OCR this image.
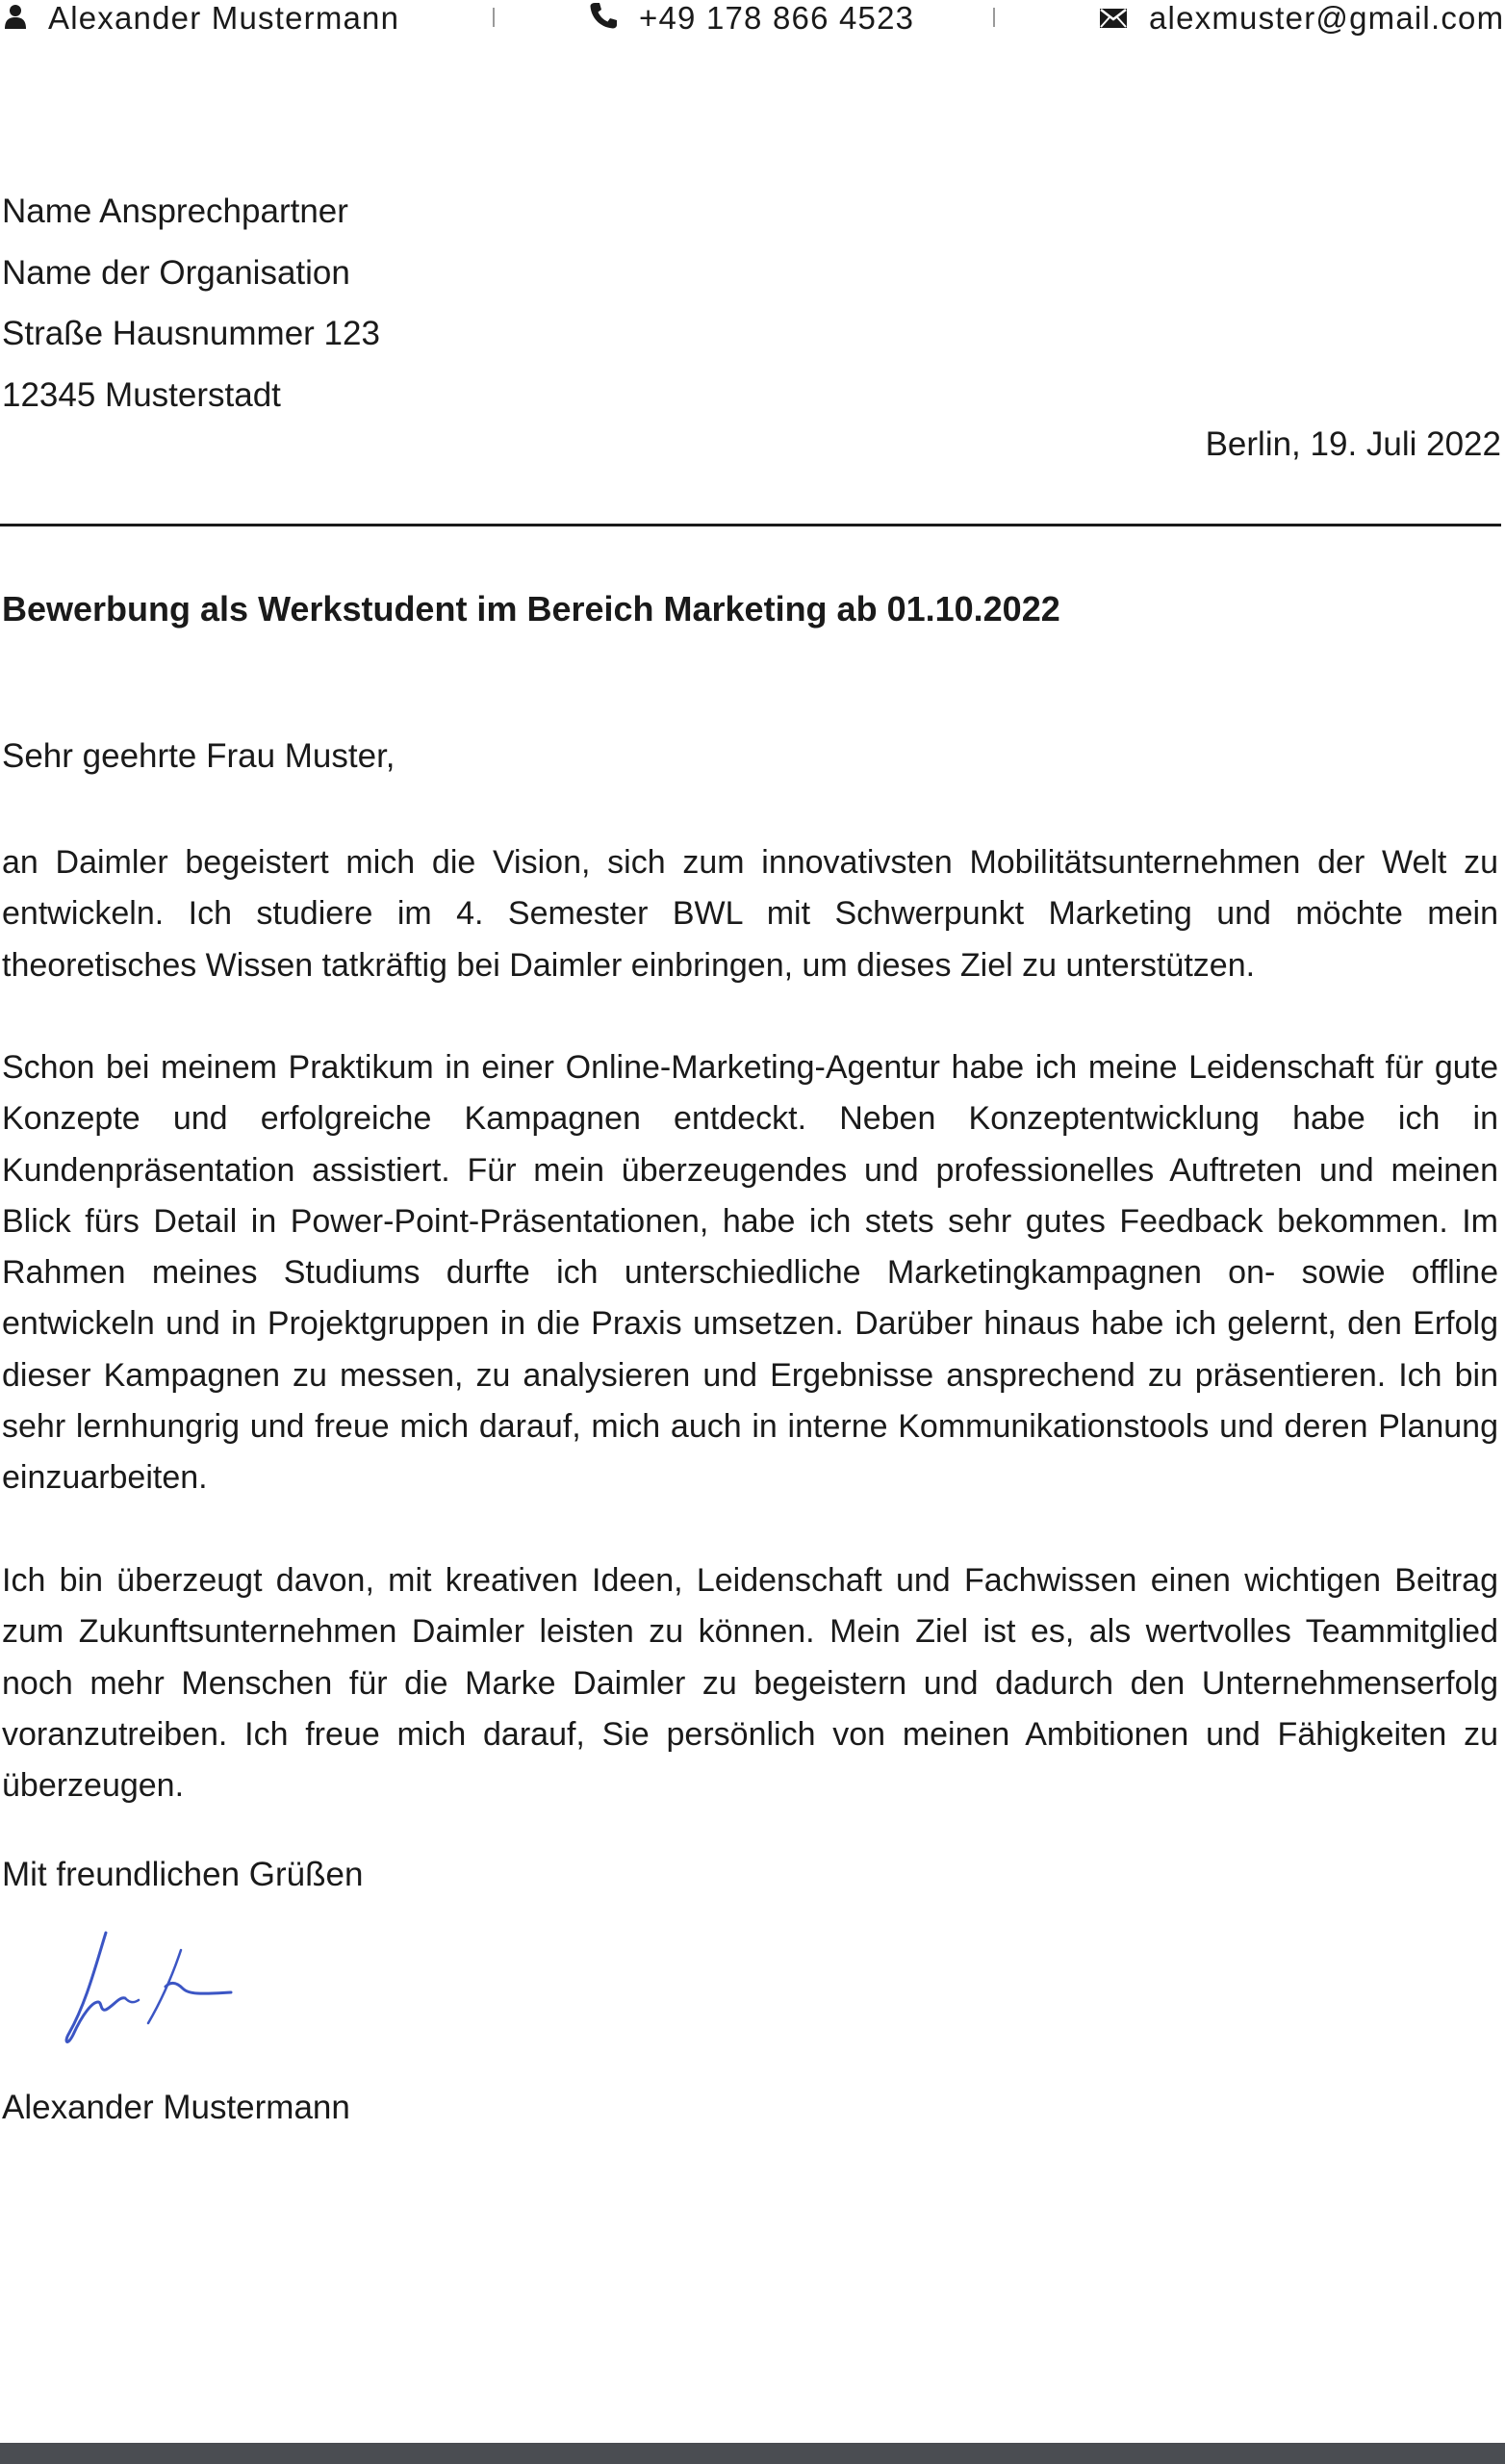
Alexander Mustermann	+49 178 866 4523	alexmuster@gmail.com
Name Ansprechpartner
Name der Organisation
Straße Hausnummer 123
12345 Musterstadt
Berlin, 19. Juli 2022
Bewerbung als Werkstudent im Bereich Marketing ab 01.10.2022
Sehr geehrte Frau Muster,
an Daimler begeistert mich die Vision, sich zum innovativsten Mobilitätsunternehmen der Welt zu entwickeln. Ich studiere im 4. Semester BWL mit Schwerpunkt Marketing und möchte mein theoretisches Wissen tatkräftig bei Daimler einbringen, um dieses Ziel zu unterstützen.
Schon bei meinem Praktikum in einer Online-Marketing-Agentur habe ich meine Leidenschaft für gute Konzepte und erfolgreiche Kampagnen entdeckt. Neben Konzeptentwicklung habe ich in Kundenpräsentation assistiert. Für mein überzeugendes und professionelles Auftreten und meinen Blick fürs Detail in Power-Point-Präsentationen, habe ich stets sehr gutes Feedback bekommen. Im Rahmen meines Studiums durfte ich unterschiedliche Marketingkampagnen on- sowie offline entwickeln und in Projektgruppen in die Praxis umsetzen. Darüber hinaus habe ich gelernt, den Erfolg dieser Kampagnen zu messen, zu analysieren und Ergebnisse ansprechend zu präsentieren. Ich bin sehr lernhungrig und freue mich darauf, mich auch in interne Kommunikationstools und deren Planung einzuarbeiten.
Ich bin überzeugt davon, mit kreativen Ideen, Leidenschaft und Fachwissen einen wichtigen Beitrag zum Zukunftsunternehmen Daimler leisten zu können. Mein Ziel ist es, als wertvolles Teammitglied noch mehr Menschen für die Marke Daimler zu begeistern und dadurch den Unternehmenserfolg voranzutreiben. Ich freue mich darauf, Sie persönlich von meinen Ambitionen und Fähigkeiten zu überzeugen.
Mit freundlichen Grüßen
Alexander Mustermann
